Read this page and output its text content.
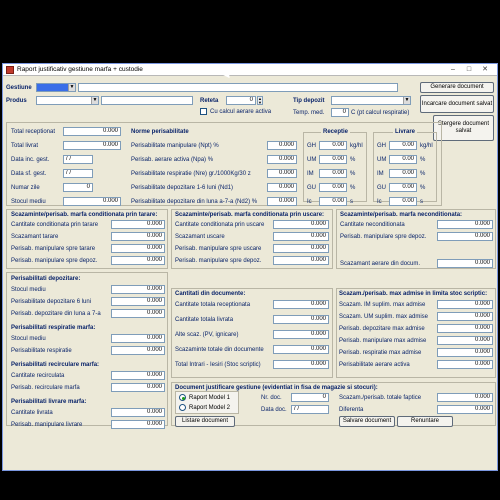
Raport justificativ gestiune marfa + custodie	–	□	✕
Gestiune	▼
Produs	▼	Reteta	0	▲
▼
Cu calcul aerare activa
Tip depozit	▼
Temp. med.	0 C (pt calcul respiratie)
Generare document
Incarcare document salvat
Stergere document salvat
Total receptionat	0.000
Total livrat	0.000
Data inc. gest.	/ /
Data sf. gest.	/ /
Numar zile	0
Stocul mediu	0.000
Norme perisabilitate	Receptie	Livrare
Scazaminte/perisab. marfa conditionata prin tarare:	Scazaminte/perisab. marfa conditionata prin uscare:	Scazaminte/perisab. marfa neconditionata:
Scazamant aerare din docum.	0.000
Cantitati din documente:	Scazam./perisab. max admise in limita stoc scriptic:
Document justificare gestiune (evidentiat in fisa de magazie si stocuri):
Raport Model 1
Raport Model 2
Nr. doc.	0
Data doc.	/ /
Scazam./perisab. totale faptice	0.000
Diferenta	0.000
Listare document	Salvare document	Renuntare
Perisabilitate manipulare (Npt) %	0.000
Perisab. aerare activa (Npa) %	0.000
Perisabilitate respiratie (Nre) gr./1000Kg/30 z	0.000
Perisabilitate depozitare 1-6 luni (Nd1)	0.000
Perisabilitate depozitare din luna a-7-a (Nd2) %	0.000
Cantitate conditionata prin tarare	0.000
Scazamant tarare	0.000
Perisab. manipulare spre tarare	0.000
Perisab. manipulare spre depoz.	0.000
Cantitate conditionata prin uscare	0.000
Scazamant uscare	0.000
Perisab. manipulare spre uscare	0.000
Perisab. manipulare spre depoz.	0.000
Cantitate neconditionata	0.000
Perisab. manipulare spre depoz.	0.000
Cantitate totala receptionata	0.000
Cantitate totala livrata	0.000
Alte scaz. (PV, ignicare)	0.000
Scazaminte totale din documente	0.000
Total Intrari - Iesiri (Stoc scriptic)	0.000
Scazam. IM suplim. max admise	0.000
Scazam. UM suplim. max admise	0.000
Perisab. depozitare max admise	0.000
Perisab. manipulare max admise	0.000
Perisab. respiratie max admise	0.000
Perisabilitate aerare activa	0.000
GH	0.00	kg/hl
UM	0.00	%
IM	0.00	%
GU	0.00	%
Ic	0.00	s
GH	0.00	kg/hl
UM	0.00	%
IM	0.00	%
GU	0.00	%
Ic	0.00	s
Perisabilitati depozitare:
Stocul mediu	0.000
Perisabilitate depozitare 6 luni	0.000
Perisab. depozitare din luna a 7-a	0.000
Perisabilitati respiratie marfa:
Stocul mediu	0.000
Perisabilitate respiratie	0.000
Perisabilitati recirculare marfa:
Cantitate recirculata	0.000
Perisab. recirculare marfa	0.000
Perisabilitati livrare marfa:
Cantitate livrata	0.000
Perisab. manipulare livrare	0.000
